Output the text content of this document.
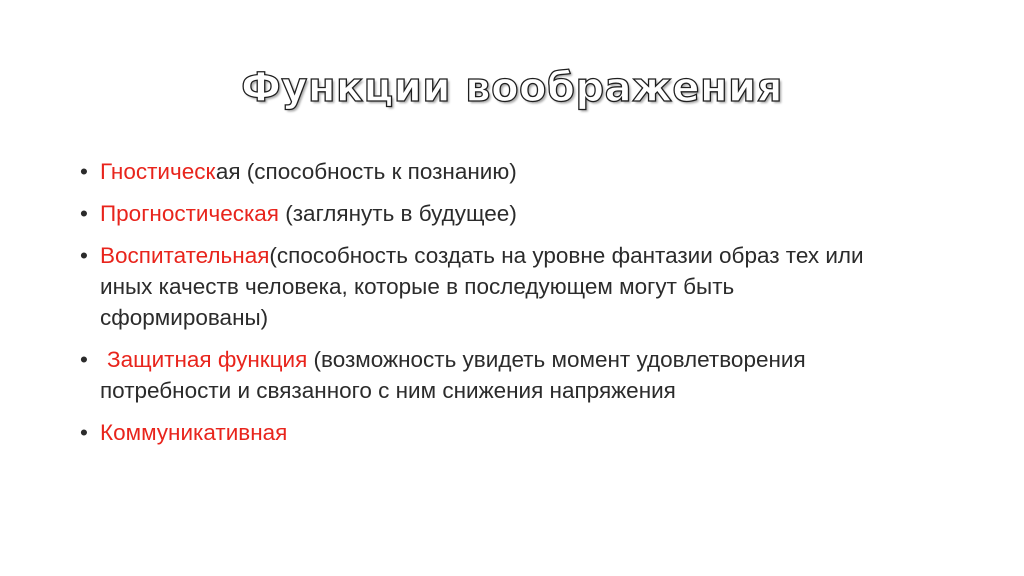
Функции воображения
• Гностическая (способность к познанию)
• Прогностическая (заглянуть в будущее)
• Воспитательная(способность создать на уровне фантазии образ тех или иных качеств человека, которые в последующем могут быть сформированы)
• Защитная функция (возможность увидеть момент удовлетворения потребности и связанного с ним снижения напряжения
• Коммуникативная
